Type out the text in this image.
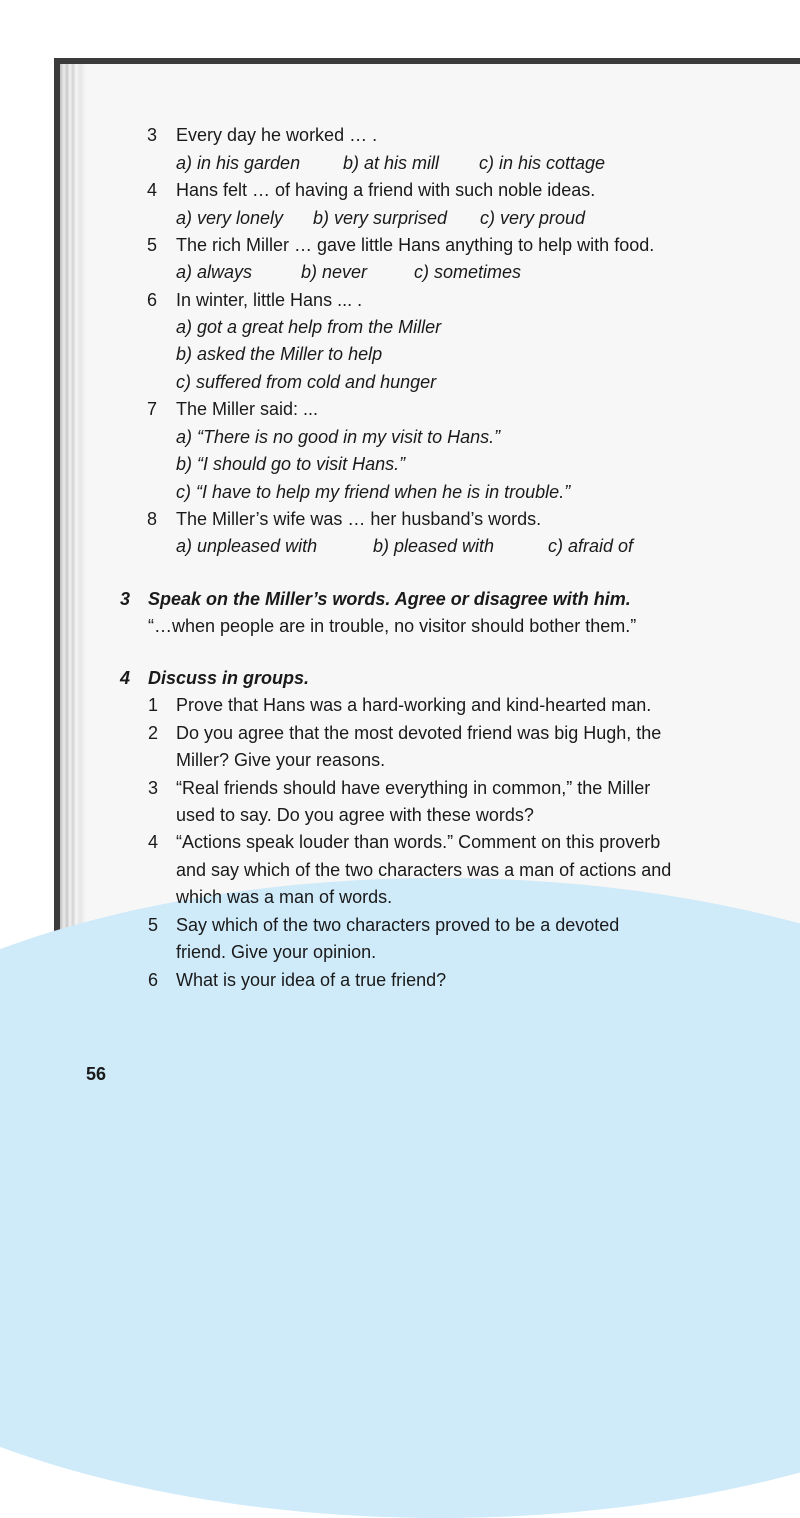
3 Every day he worked … .
a) in his garden b) at his mill c) in his cottage
4 Hans felt … of having a friend with such noble ideas.
a) very lonely b) very surprised c) very proud
5 The rich Miller … gave little Hans anything to help with food.
a) always	b) never	c) sometimes
6 In winter, little Hans ... .
a) got a great help from the Miller
b) asked the Miller to help
c) suffered from cold and hunger
7 The Miller said: ...
a) “There is no good in my visit to Hans.”
b) “I should go to visit Hans.”
c) “I have to help my friend when he is in trouble.”
8 The Miller’s wife was … her husband’s words.
a) unpleased with	b) pleased with	c) afraid of
3 Speak on the Miller’s words. Agree or disagree with him.
“…when people are in trouble, no visitor should bother them.”
4 Discuss in groups.
1 Prove that Hans was a hard-working and kind-hearted man.
2 Do you agree that the most devoted friend was big Hugh, the
Miller? Give your reasons.
3 “Real friends should have everything in common,” the Miller
used to say. Do you agree with these words?
4 “Actions speak louder than words.” Comment on this proverb
and say which of the two characters was a man of actions and
which was a man of words.
5 Say which of the two characters proved to be a devoted
friend. Give your opinion.
6 What is your idea of a true friend?
56
